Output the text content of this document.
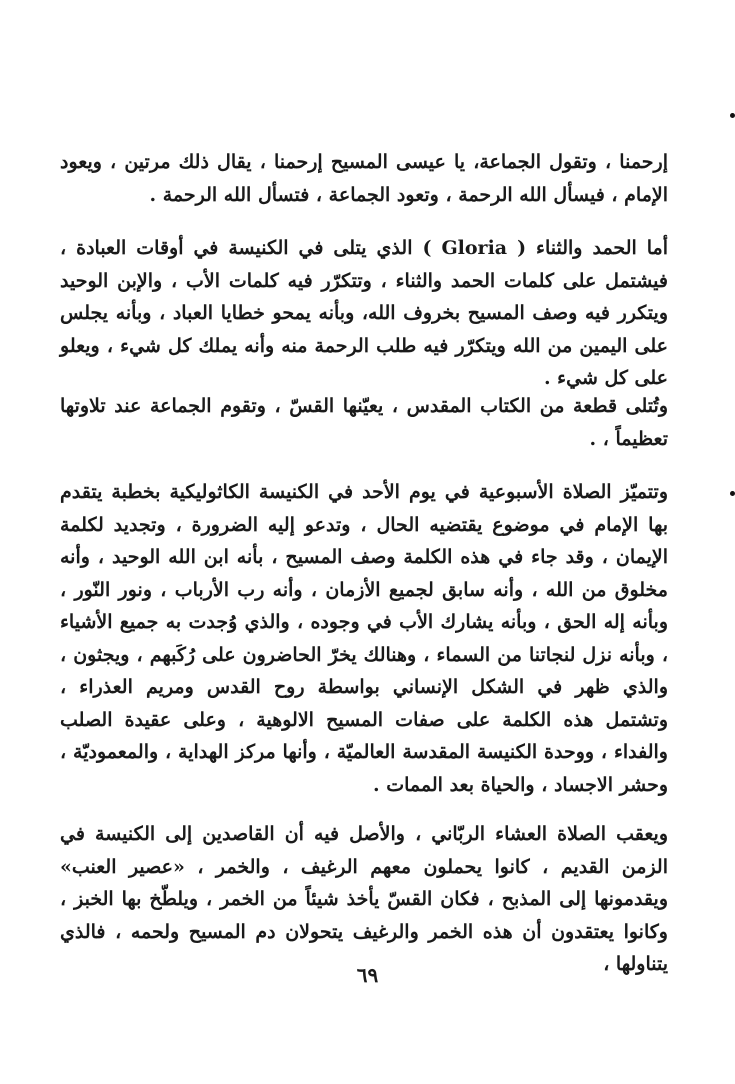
إرحمنا ، وتقول الجماعة، يا عيسى المسيح إرحمنا ، يقال ذلك مرتين ، ويعود الإمام ، فيسأل الله الرحمة ، وتعود الجماعة ، فتسأل الله الرحمة .

أما الحمد والثناء ( Gloria ) الذي يتلى في الكنيسة في أوقات العبادة ، فيشتمل على كلمات الحمد والثناء ، وتتكرّر فيه كلمات الأب ، والإبن الوحيد ويتكرر فيه وصف المسيح بخروف الله، وبأنه يمحو خطايا العباد ، وبأنه يجلس على اليمين من الله ويتكرّر فيه طلب الرحمة منه وأنه يملك كل شيء ، ويعلو على كل شيء .

وتُتلى قطعة من الكتاب المقدس ، يعيّنها القسّ ، وتقوم الجماعة عند تلاوتها تعظيماً ، .

وتتميّز الصلاة الأسبوعية في يوم الأحد في الكنيسة الكاثوليكية بخطبة يتقدم بها الإمام في موضوع يقتضيه الحال ، وتدعو إليه الضرورة ، وتجديد لكلمة الإيمان ، وقد جاء في هذه الكلمة وصف المسيح ، بأنه ابن الله الوحيد ، وأنه مخلوق من الله ، وأنه سابق لجميع الأزمان ، وأنه رب الأرباب ، ونور النّور ، وبأنه إله الحق ، وبأنه يشارك الأب في وجوده ، والذي وُجدت به جميع الأشياء ، وبأنه نزل لنجاتنا من السماء ، وهنالك يخرّ الحاضرون على رُكَبهم ، ويجثون ، والذي ظهر في الشكل الإنساني بواسطة روح القدس ومريم العذراء ، وتشتمل هذه الكلمة على صفات المسيح الالوهية ، وعلى عقيدة الصلب والفداء ، ووحدة الكنيسة المقدسة العالميّة ، وأنها مركز الهداية ، والمعموديّة ، وحشر الاجساد ، والحياة بعد الممات .

ويعقب الصلاة العشاء الربّاني ، والأصل فيه أن القاصدين إلى الكنيسة في الزمن القديم ، كانوا يحملون معهم الرغيف ، والخمر ، «عصير العنب» ويقدمونها إلى المذبح ، فكان القسّ يأخذ شيئاً من الخمر ، ويلطّخ بها الخبز ، وكانوا يعتقدون أن هذه الخمر والرغيف يتحولان دم المسيح ولحمه ، فالذي يتناولها ،

٦٩
